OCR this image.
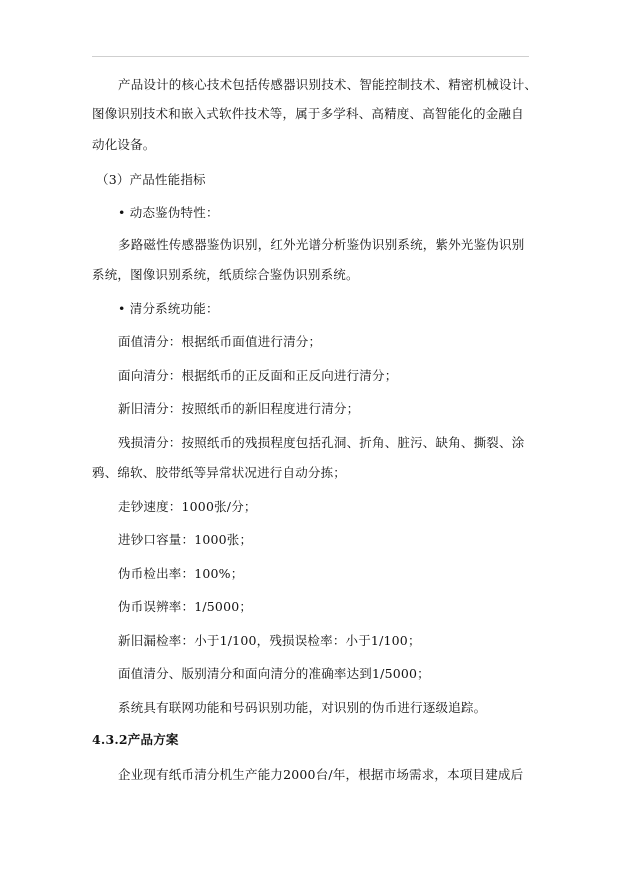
产品设计的核心技术包括传感器识别技术、智能控制技术、精密机械设计、
图像识别技术和嵌入式软件技术等，属于多学科、高精度、高智能化的金融自
动化设备。
（3）产品性能指标
• 动态鉴伪特性：
多路磁性传感器鉴伪识别，红外光谱分析鉴伪识别系统，紫外光鉴伪识别
系统，图像识别系统，纸质综合鉴伪识别系统。
• 清分系统功能：
面值清分：根据纸币面值进行清分；
面向清分：根据纸币的正反面和正反向进行清分；
新旧清分：按照纸币的新旧程度进行清分；
残损清分：按照纸币的残损程度包括孔洞、折角、脏污、缺角、撕裂、涂
鸦、绵软、胶带纸等异常状况进行自动分拣；
走钞速度：1000张/分；
进钞口容量：1000张；
伪币检出率：100%；
伪币误辨率：1/5000；
新旧漏检率：小于1/100，残损误检率：小于1/100；
面值清分、版别清分和面向清分的准确率达到1/5000；
系统具有联网功能和号码识别功能，对识别的伪币进行逐级追踪。
4.3.2产品方案
企业现有纸币清分机生产能力2000台/年，根据市场需求，本项目建成后
